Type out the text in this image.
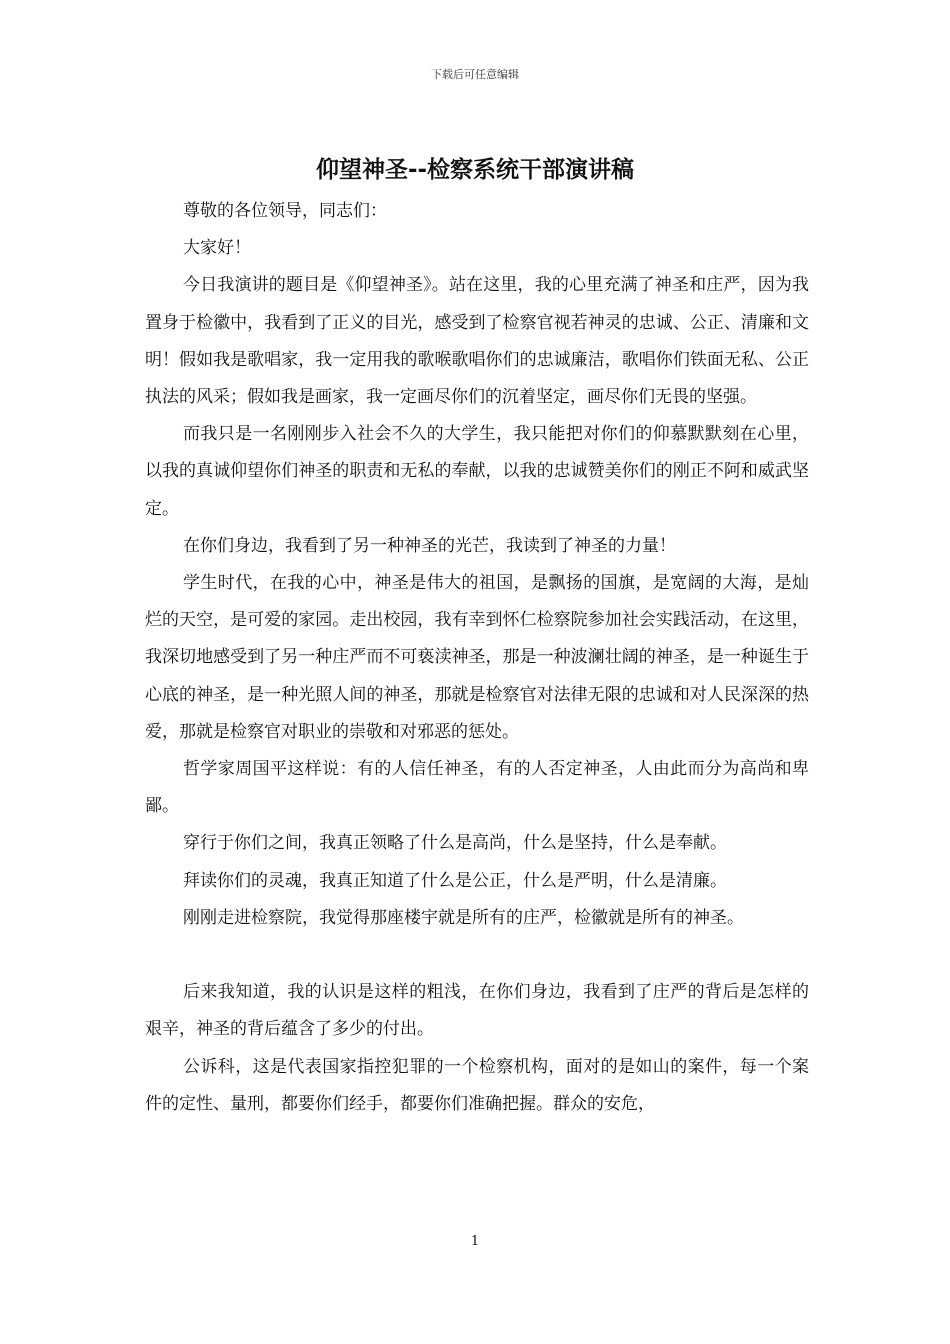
下载后可任意编辑
仰望神圣--检察系统干部演讲稿

尊敬的各位领导，同志们：

大家好！

今日我演讲的题目是《仰望神圣》。站在这里，我的心里充满了神圣和庄严，因为我置身于检徽中，我看到了正义的目光，感受到了检察官视若神灵的忠诚、公正、清廉和文明！假如我是歌唱家，我一定用我的歌喉歌唱你们的忠诚廉洁，歌唱你们铁面无私、公正执法的风采；假如我是画家，我一定画尽你们的沉着坚定，画尽你们无畏的坚强。

而我只是一名刚刚步入社会不久的大学生，我只能把对你们的仰慕默默刻在心里，以我的真诚仰望你们神圣的职责和无私的奉献，以我的忠诚赞美你们的刚正不阿和威武坚定。

在你们身边，我看到了另一种神圣的光芒，我读到了神圣的力量！

学生时代，在我的心中，神圣是伟大的祖国，是飘扬的国旗，是宽阔的大海，是灿烂的天空，是可爱的家园。走出校园，我有幸到怀仁检察院参加社会实践活动，在这里，我深切地感受到了另一种庄严而不可亵渎神圣，那是一种波澜壮阔的神圣，是一种诞生于心底的神圣，是一种光照人间的神圣，那就是检察官对法律无限的忠诚和对人民深深的热爱，那就是检察官对职业的崇敬和对邪恶的惩处。

哲学家周国平这样说：有的人信任神圣，有的人否定神圣，人由此而分为高尚和卑鄙。

穿行于你们之间，我真正领略了什么是高尚，什么是坚持，什么是奉献。

拜读你们的灵魂，我真正知道了什么是公正，什么是严明，什么是清廉。

刚刚走进检察院，我觉得那座楼宇就是所有的庄严，检徽就是所有的神圣。

后来我知道，我的认识是这样的粗浅，在你们身边，我看到了庄严的背后是怎样的艰辛，神圣的背后蕴含了多少的付出。

公诉科，这是代表国家指控犯罪的一个检察机构，面对的是如山的案件，每一个案件的定性、量刑，都要你们经手，都要你们准确把握。群众的安危，

1
